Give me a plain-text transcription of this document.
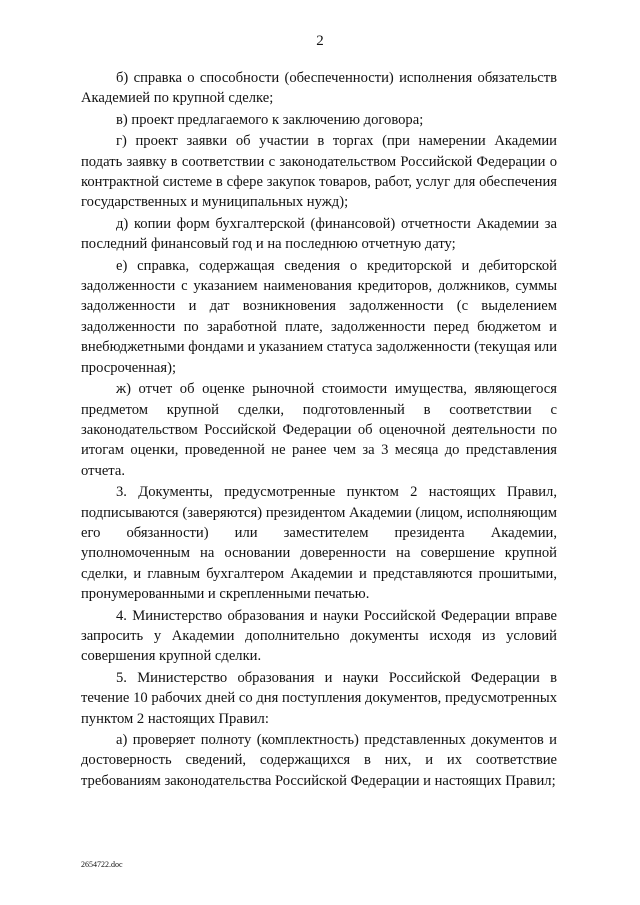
2

б) справка о способности (обеспеченности) исполнения обязательств Академией по крупной сделке;

в) проект предлагаемого к заключению договора;

г) проект заявки об участии в торгах (при намерении Академии подать заявку в соответствии с законодательством Российской Федерации о контрактной системе в сфере закупок товаров, работ, услуг для обеспечения государственных и муниципальных нужд);

д) копии форм бухгалтерской (финансовой) отчетности Академии за последний финансовый год и на последнюю отчетную дату;

е) справка, содержащая сведения о кредиторской и дебиторской задолженности с указанием наименования кредиторов, должников, суммы задолженности и дат возникновения задолженности (с выделением задолженности по заработной плате, задолженности перед бюджетом и внебюджетными фондами и указанием статуса задолженности (текущая или просроченная);

ж) отчет об оценке рыночной стоимости имущества, являющегося предметом крупной сделки, подготовленный в соответствии с законодательством Российской Федерации об оценочной деятельности по итогам оценки, проведенной не ранее чем за 3 месяца до представления отчета.

3. Документы, предусмотренные пунктом 2 настоящих Правил, подписываются (заверяются) президентом Академии (лицом, исполняющим его обязанности) или заместителем президента Академии, уполномоченным на основании доверенности на совершение крупной сделки, и главным бухгалтером Академии и представляются прошитыми, пронумерованными и скрепленными печатью.

4. Министерство образования и науки Российской Федерации вправе запросить у Академии дополнительно документы исходя из условий совершения крупной сделки.

5. Министерство образования и науки Российской Федерации в течение 10 рабочих дней со дня поступления документов, предусмотренных пунктом 2 настоящих Правил:

а) проверяет полноту (комплектность) представленных документов и достоверность сведений, содержащихся в них, и их соответствие требованиям законодательства Российской Федерации и настоящих Правил;

2654722.doc
